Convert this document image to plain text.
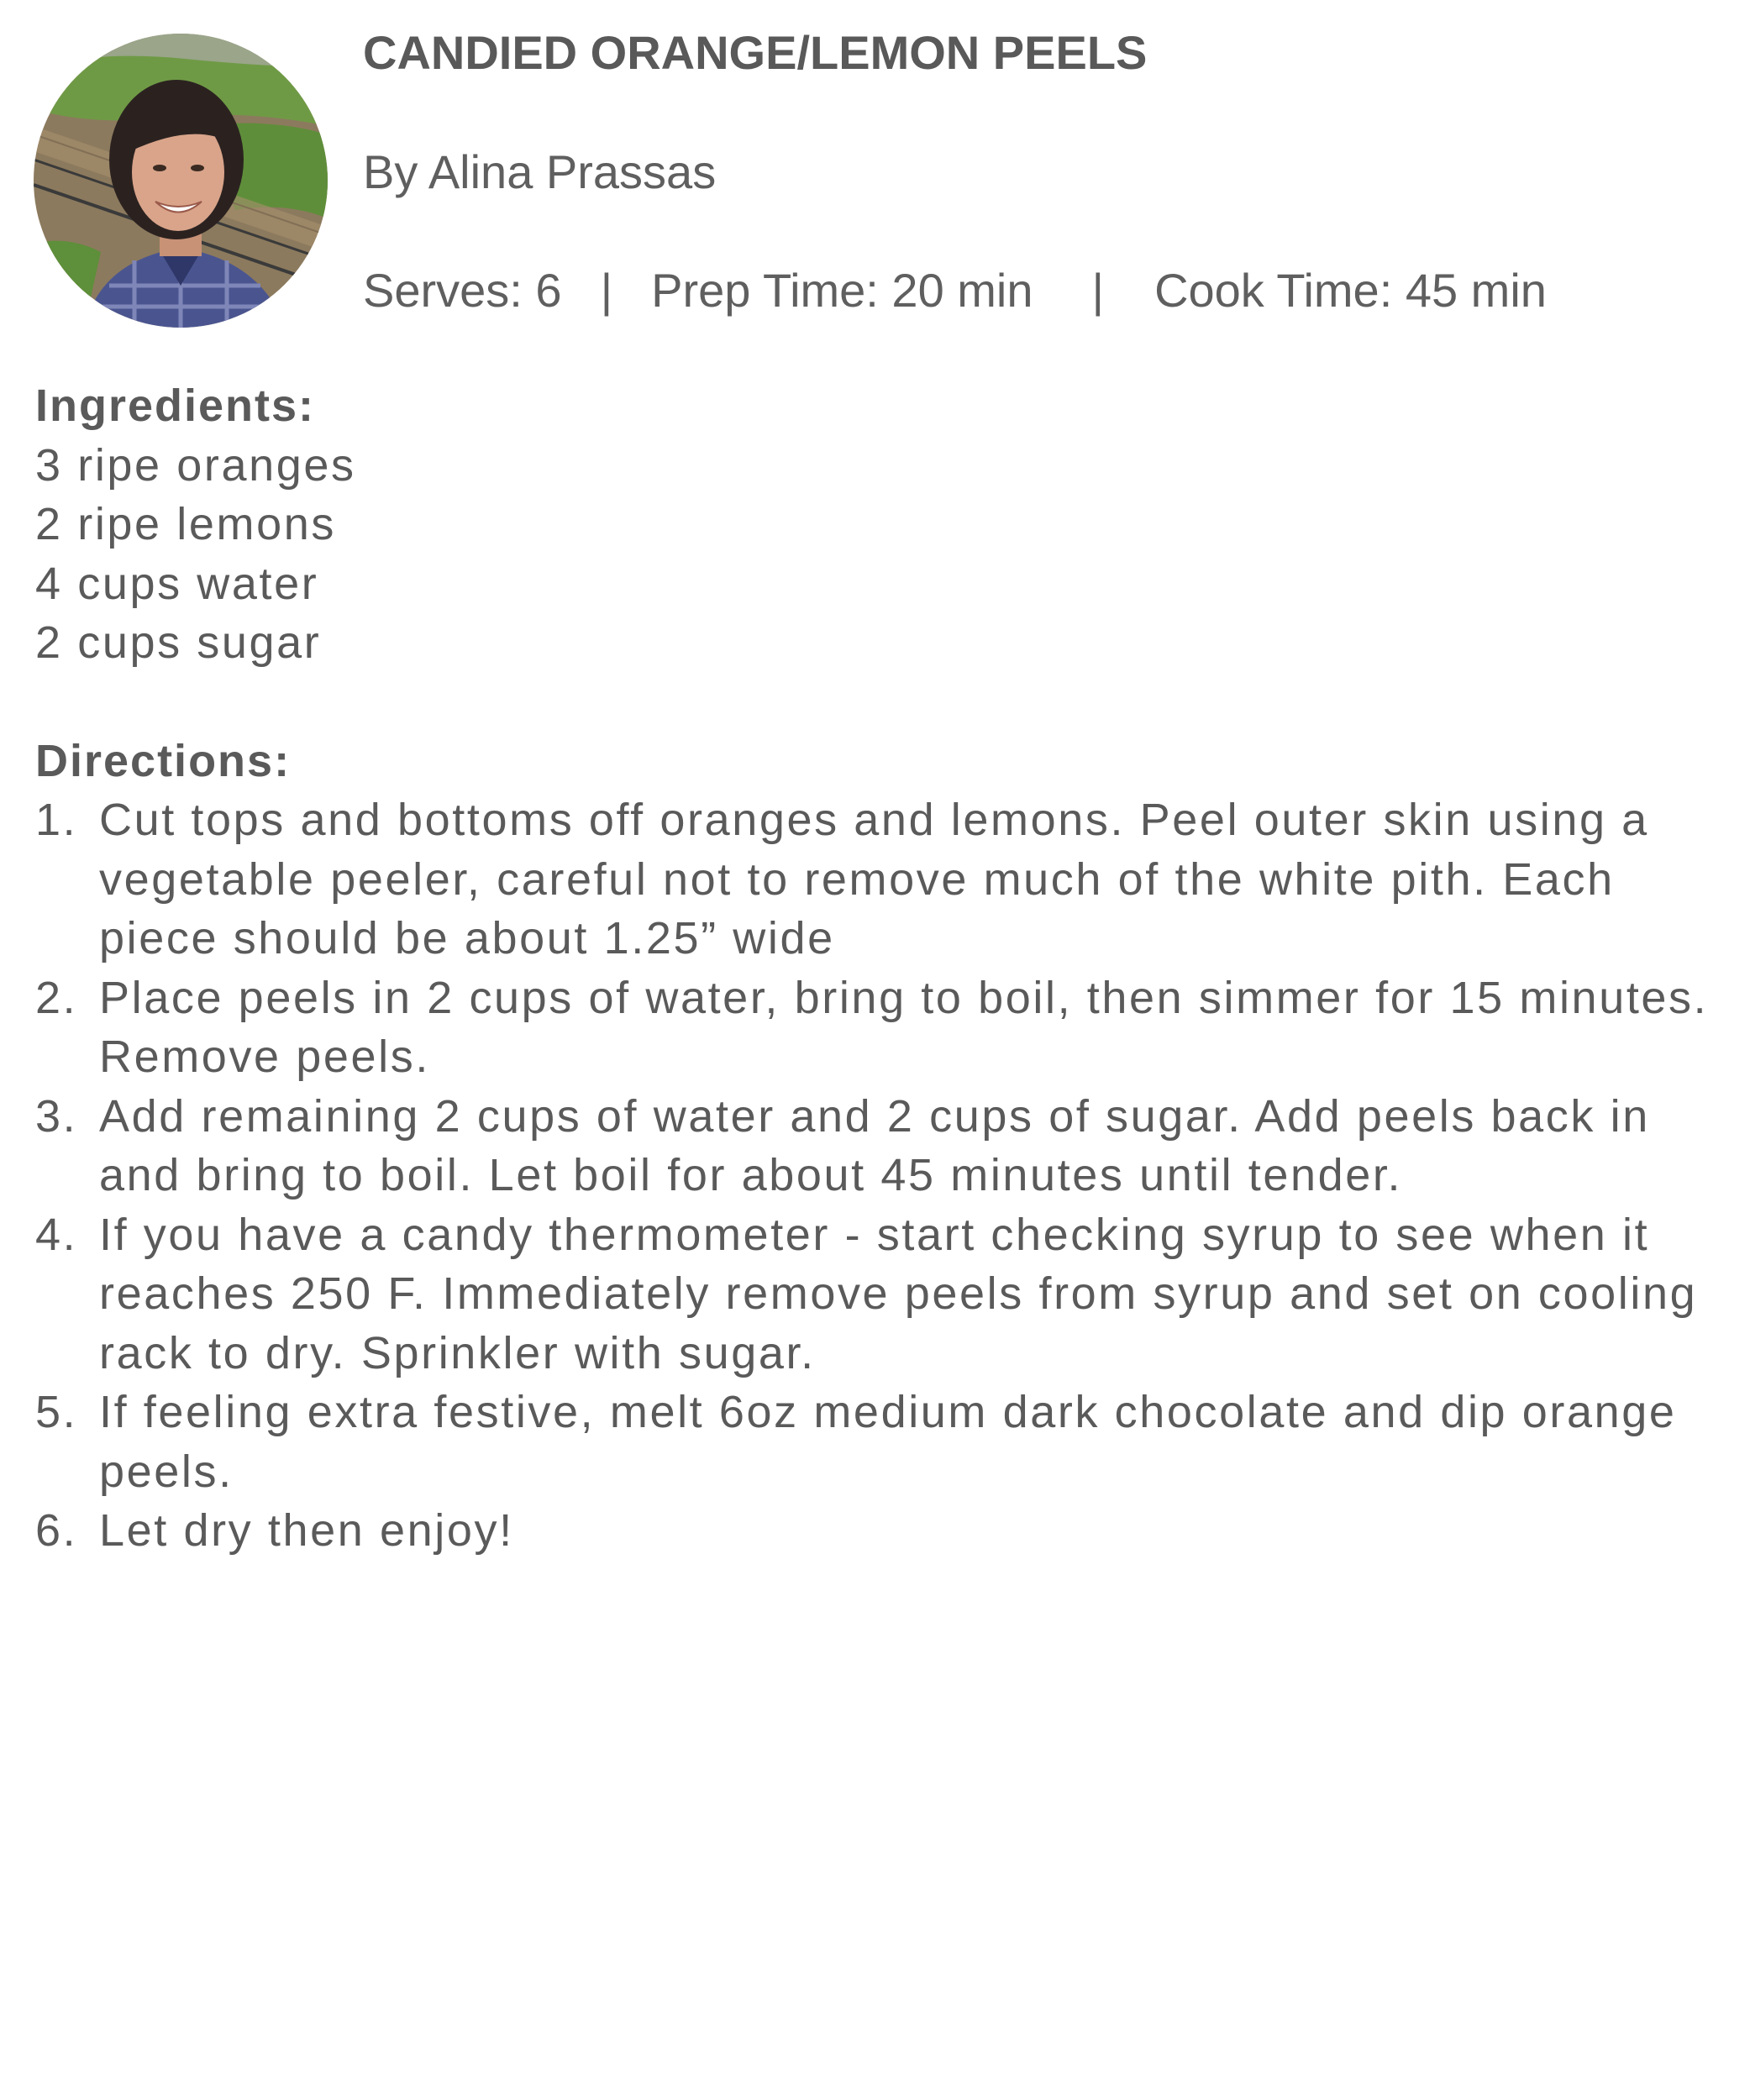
CANDIED ORANGE/LEMON PEELS
By Alina Prassas
Serves: 6 | Prep Time: 20 min | Cook Time: 45 min
Ingredients:
3 ripe oranges
2 ripe lemons
4 cups water
2 cups sugar
Directions:
1. Cut tops and bottoms off oranges and lemons. Peel outer skin using a vegetable peeler, careful not to remove much of the white pith. Each piece should be about 1.25” wide
2. Place peels in 2 cups of water, bring to boil, then simmer for 15 minutes. Remove peels.
3. Add remaining 2 cups of water and 2 cups of sugar. Add peels back in and bring to boil. Let boil for about 45 minutes until tender.
4. If you have a candy thermometer - start checking syrup to see when it reaches 250 F. Immediately remove peels from syrup and set on cooling rack to dry. Sprinkler with sugar.
5. If feeling extra festive, melt 6oz medium dark chocolate and dip orange peels.
6. Let dry then enjoy!
